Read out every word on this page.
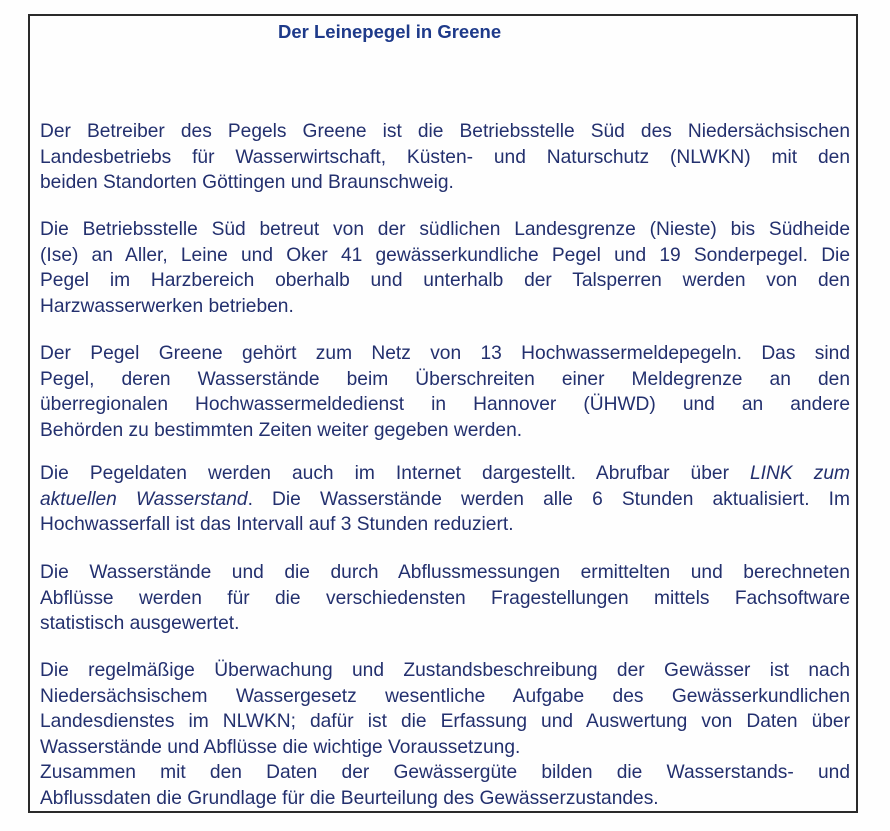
Der Leinepegel in Greene

Der Betreiber des Pegels Greene ist die Betriebsstelle Süd des Niedersächsischen
Landesbetriebs für Wasserwirtschaft, Küsten- und Naturschutz (NLWKN) mit den
beiden Standorten Göttingen und Braunschweig.

Die Betriebsstelle Süd betreut von der südlichen Landesgrenze (Nieste) bis Südheide
(Ise) an Aller, Leine und Oker 41 gewässerkundliche Pegel und 19 Sonderpegel. Die
Pegel im Harzbereich oberhalb und unterhalb der Talsperren werden von den
Harzwasserwerken betrieben.

Der Pegel Greene gehört zum Netz von 13 Hochwassermeldepegeln. Das sind
Pegel, deren Wasserstände beim Überschreiten einer Meldegrenze an den
überregionalen Hochwassermeldedienst in Hannover (ÜHWD) und an andere
Behörden zu bestimmten Zeiten weiter gegeben werden.

Die Pegeldaten werden auch im Internet dargestellt. Abrufbar über LINK zum
aktuellen Wasserstand. Die Wasserstände werden alle 6 Stunden aktualisiert. Im
Hochwasserfall ist das Intervall auf 3 Stunden reduziert.

Die Wasserstände und die durch Abflussmessungen ermittelten und berechneten
Abflüsse werden für die verschiedensten Fragestellungen mittels Fachsoftware
statistisch ausgewertet.

Die regelmäßige Überwachung und Zustandsbeschreibung der Gewässer ist nach
Niedersächsischem Wassergesetz wesentliche Aufgabe des Gewässerkundlichen
Landesdienstes im NLWKN; dafür ist die Erfassung und Auswertung von Daten über
Wasserstände und Abflüsse die wichtige Voraussetzung.
Zusammen mit den Daten der Gewässergüte bilden die Wasserstands- und
Abflussdaten die Grundlage für die Beurteilung des Gewässerzustandes.
